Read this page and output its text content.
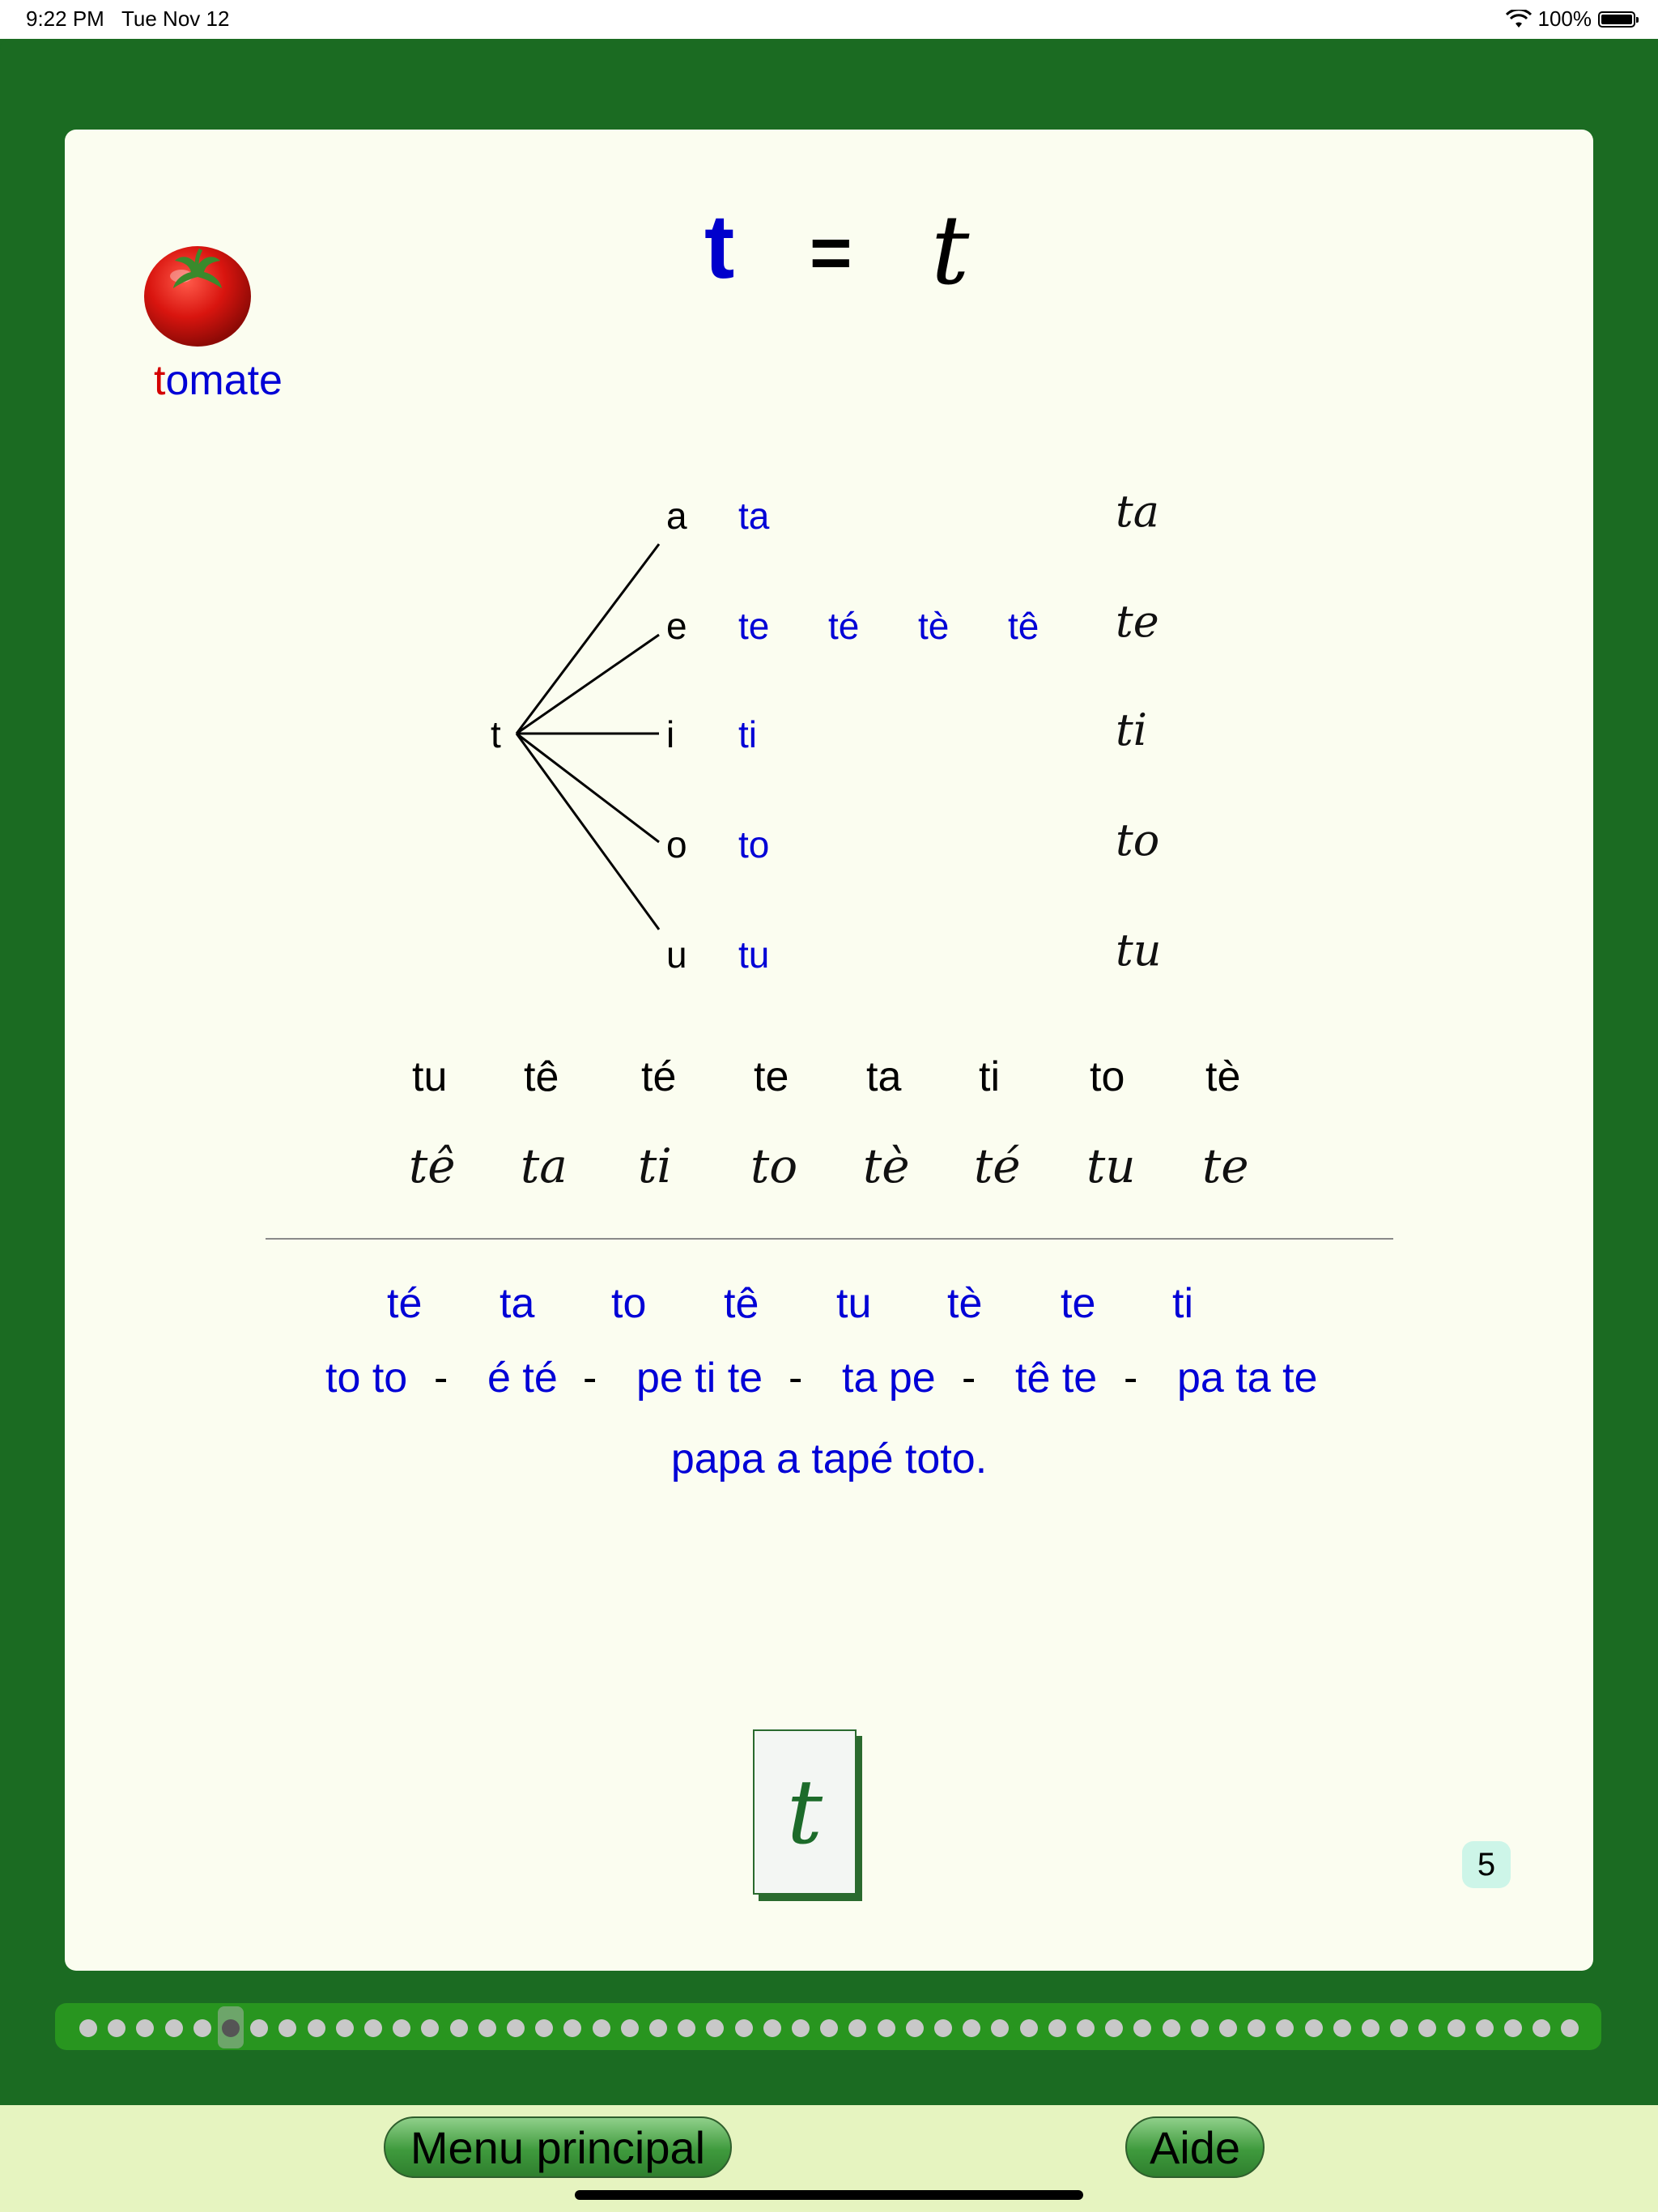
9:22 PM Tue Nov 12	100%
tomate
t = t
t
a
e
i
o
u
ta
te té tè tê
ti
to
tu
ta
te
ti
to
tu
tu tê té te ta ti to tè
tê ta ti to tè té tu te
té ta to tê tu tè te ti
to to - é té - pe ti te - ta pe - tê te - pa ta te
papa a tapé toto.
t
5
Menu principal	Aide
